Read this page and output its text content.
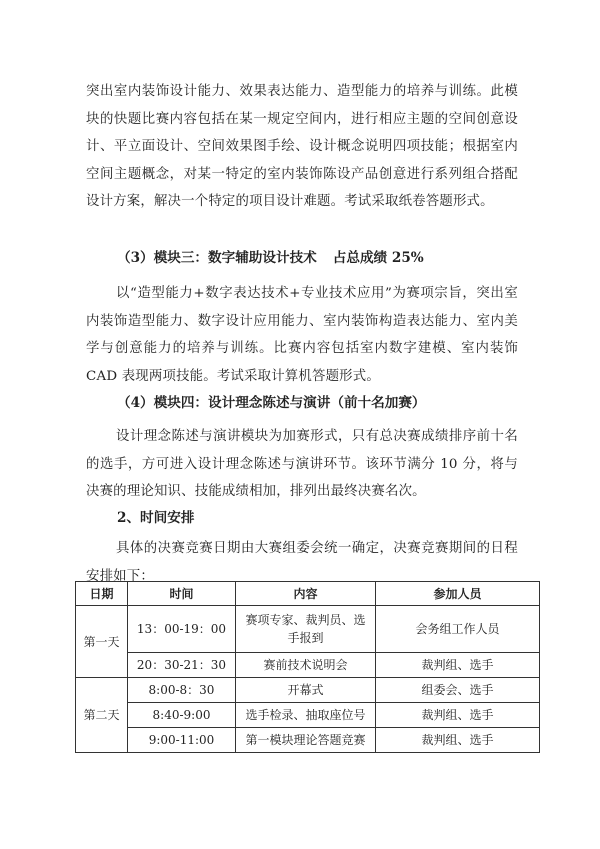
突出室内装饰设计能力、效果表达能力、造型能力的培养与训练。此模块的快题比赛内容包括在某一规定空间内，进行相应主题的空间创意设计、平立面设计、空间效果图手绘、设计概念说明四项技能；根据室内空间主题概念，对某一特定的室内装饰陈设产品创意进行系列组合搭配设计方案，解决一个特定的项目设计难题。考试采取纸卷答题形式。

（3）模块三：数字辅助设计技术 占总成绩 25%

以“造型能力+数字表达技术+专业技术应用”为赛项宗旨，突出室内装饰造型能力、数字设计应用能力、室内装饰构造表达能力、室内美学与创意能力的培养与训练。比赛内容包括室内数字建模、室内装饰 CAD 表现两项技能。考试采取计算机答题形式。

（4）模块四：设计理念陈述与演讲（前十名加赛）

设计理念陈述与演讲模块为加赛形式，只有总决赛成绩排序前十名的选手，方可进入设计理念陈述与演讲环节。该环节满分 10 分，将与决赛的理论知识、技能成绩相加，排列出最终决赛名次。

2、时间安排

具体的决赛竞赛日期由大赛组委会统一确定，决赛竞赛期间的日程安排如下：

日期	时间	内容	参加人员
第一天	13：00-19：00	赛项专家、裁判员、选手报到	会务组工作人员
	20：30-21：30	赛前技术说明会	裁判组、选手
第二天	8:00-8：30	开幕式	组委会、选手
	8:40-9:00	选手检录、抽取座位号	裁判组、选手
	9:00-11:00	第一模块理论答题竞赛	裁判组、选手
